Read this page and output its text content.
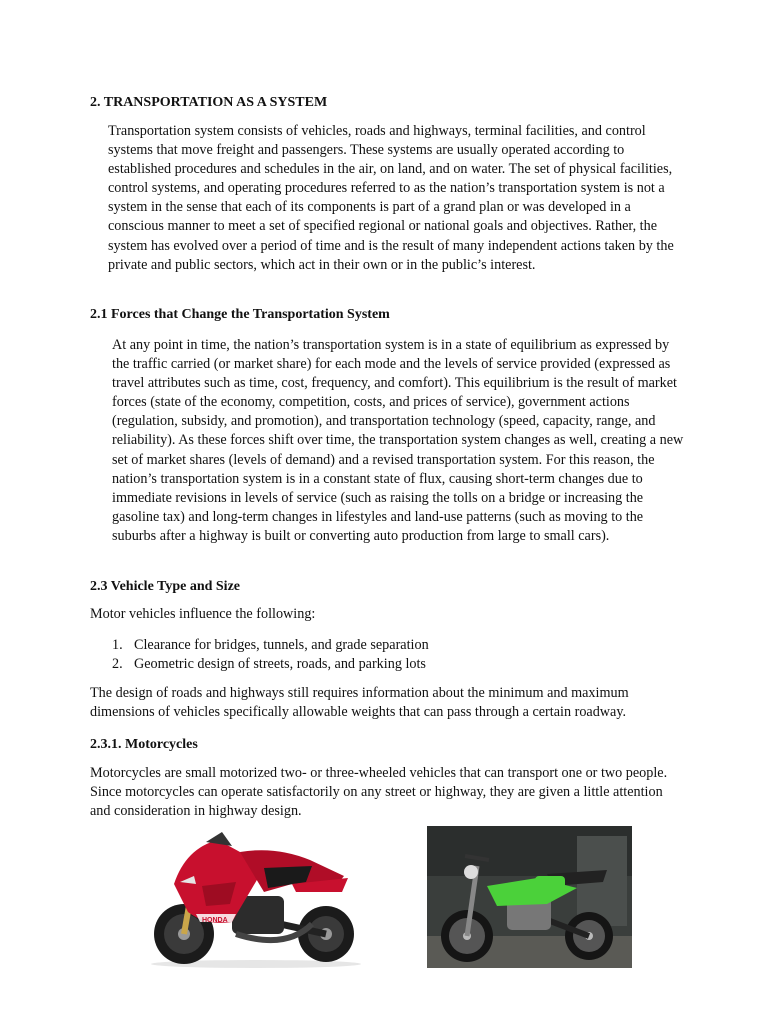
2. TRANSPORTATION AS A SYSTEM

Transportation system consists of vehicles, roads and highways, terminal facilities, and control systems that move freight and passengers. These systems are usually operated according to established procedures and schedules in the air, on land, and on water. The set of physical facilities, control systems, and operating procedures referred to as the nation’s transportation system is not a system in the sense that each of its components is part of a grand plan or was developed in a conscious manner to meet a set of specified regional or national goals and objectives. Rather, the system has evolved over a period of time and is the result of many independent actions taken by the private and public sectors, which act in their own or in the public’s interest.

2.1 Forces that Change the Transportation System

At any point in time, the nation’s transportation system is in a state of equilibrium as expressed by the traffic carried (or market share) for each mode and the levels of service provided (expressed as travel attributes such as time, cost, frequency, and comfort). This equilibrium is the result of market forces (state of the economy, competition, costs, and prices of service), government actions (regulation, subsidy, and promotion), and transportation technology (speed, capacity, range, and reliability). As these forces shift over time, the transportation system changes as well, creating a new set of market shares (levels of demand) and a revised transportation system. For this reason, the nation’s transportation system is in a constant state of flux, causing short-term changes due to immediate revisions in levels of service (such as raising the tolls on a bridge or increasing the gasoline tax) and long-term changes in lifestyles and land-use patterns (such as moving to the suburbs after a highway is built or converting auto production from large to small cars).

2.3 Vehicle Type and Size

Motor vehicles influence the following:

1. Clearance for bridges, tunnels, and grade separation
2. Geometric design of streets, roads, and parking lots

The design of roads and highways still requires information about the minimum and maximum dimensions of vehicles specifically allowable weights that can pass through a certain roadway.

2.3.1. Motorcycles

Motorcycles are small motorized two- or three-wheeled vehicles that can transport one or two people. Since motorcycles can operate satisfactorily on any street or highway, they are given a little attention and consideration in highway design.

HONDA
